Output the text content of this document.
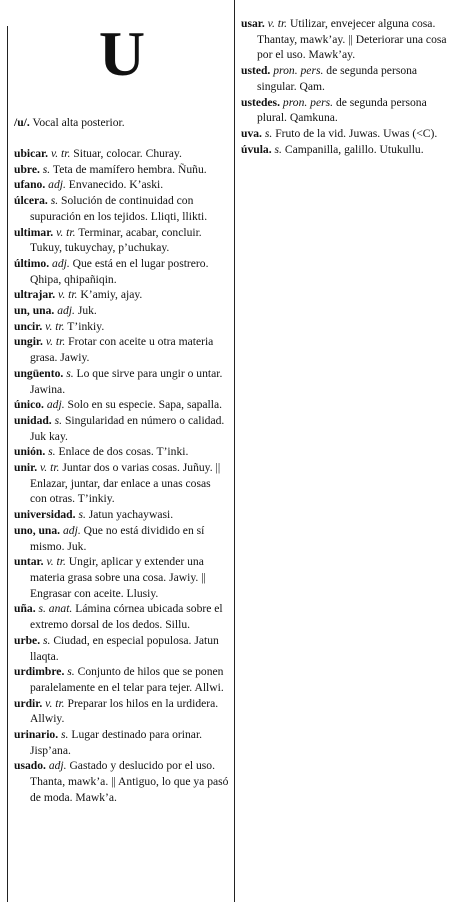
U
/u/. Vocal alta posterior.

ubicar. v. tr. Situar, colocar. Churay.

ubre. s. Teta de mamífero hembra. Ñuñu.

ufano. adj. Envanecido. K’aski.

úlcera. s. Solución de continuidad con supuración en los tejidos. Lliqti, llikti.

ultimar. v. tr. Terminar, acabar, concluir. Tukuy, tukuychay, p’uchukay.

último. adj. Que está en el lugar postrero. Qhipa, qhipañiqin.

ultrajar. v. tr. K’amiy, ajay.

un, una. adj. Juk.

uncir. v. tr. T’inkiy.

ungir. v. tr. Frotar con aceite u otra materia grasa. Jawiy.

ungüento. s. Lo que sirve para ungir o untar. Jawina.

único. adj. Solo en su especie. Sapa, sapalla.

unidad. s. Singularidad en número o calidad. Juk kay.

unión. s. Enlace de dos cosas. T’inki.

unir. v. tr. Juntar dos o varias cosas. Juñuy. || Enlazar, juntar, dar enlace a unas cosas con otras. T’inkiy.

universidad. s. Jatun yachaywasi.

uno, una. adj. Que no está dividido en sí mismo. Juk.

untar. v. tr. Ungir, aplicar y extender una materia grasa sobre una cosa. Jawiy. || Engrasar con aceite. Llusiy.

uña. s. anat. Lámina córnea ubicada sobre el extremo dorsal de los dedos. Sillu.

urbe. s. Ciudad, en especial populosa. Jatun llaqta.

urdimbre. s. Conjunto de hilos que se ponen paralelamente en el telar para tejer. Allwi.

urdir. v. tr. Preparar los hilos en la urdidera. Allwiy.

urinario. s. Lugar destinado para orinar. Jisp’ana.

usado. adj. Gastado y deslucido por el uso. Thanta, mawk’a. || Antiguo, lo que ya pasó de moda. Mawk’a.

usar. v. tr. Utilizar, envejecer alguna cosa. Thantay, mawk’ay. || Deteriorar una cosa por el uso. Mawk’ay.

usted. pron. pers. de segunda persona singular. Qam.

ustedes. pron. pers. de segunda persona plural. Qamkuna.

uva. s. Fruto de la vid. Juwas. Uwas (<C).

úvula. s. Campanilla, galillo. Utukullu.
